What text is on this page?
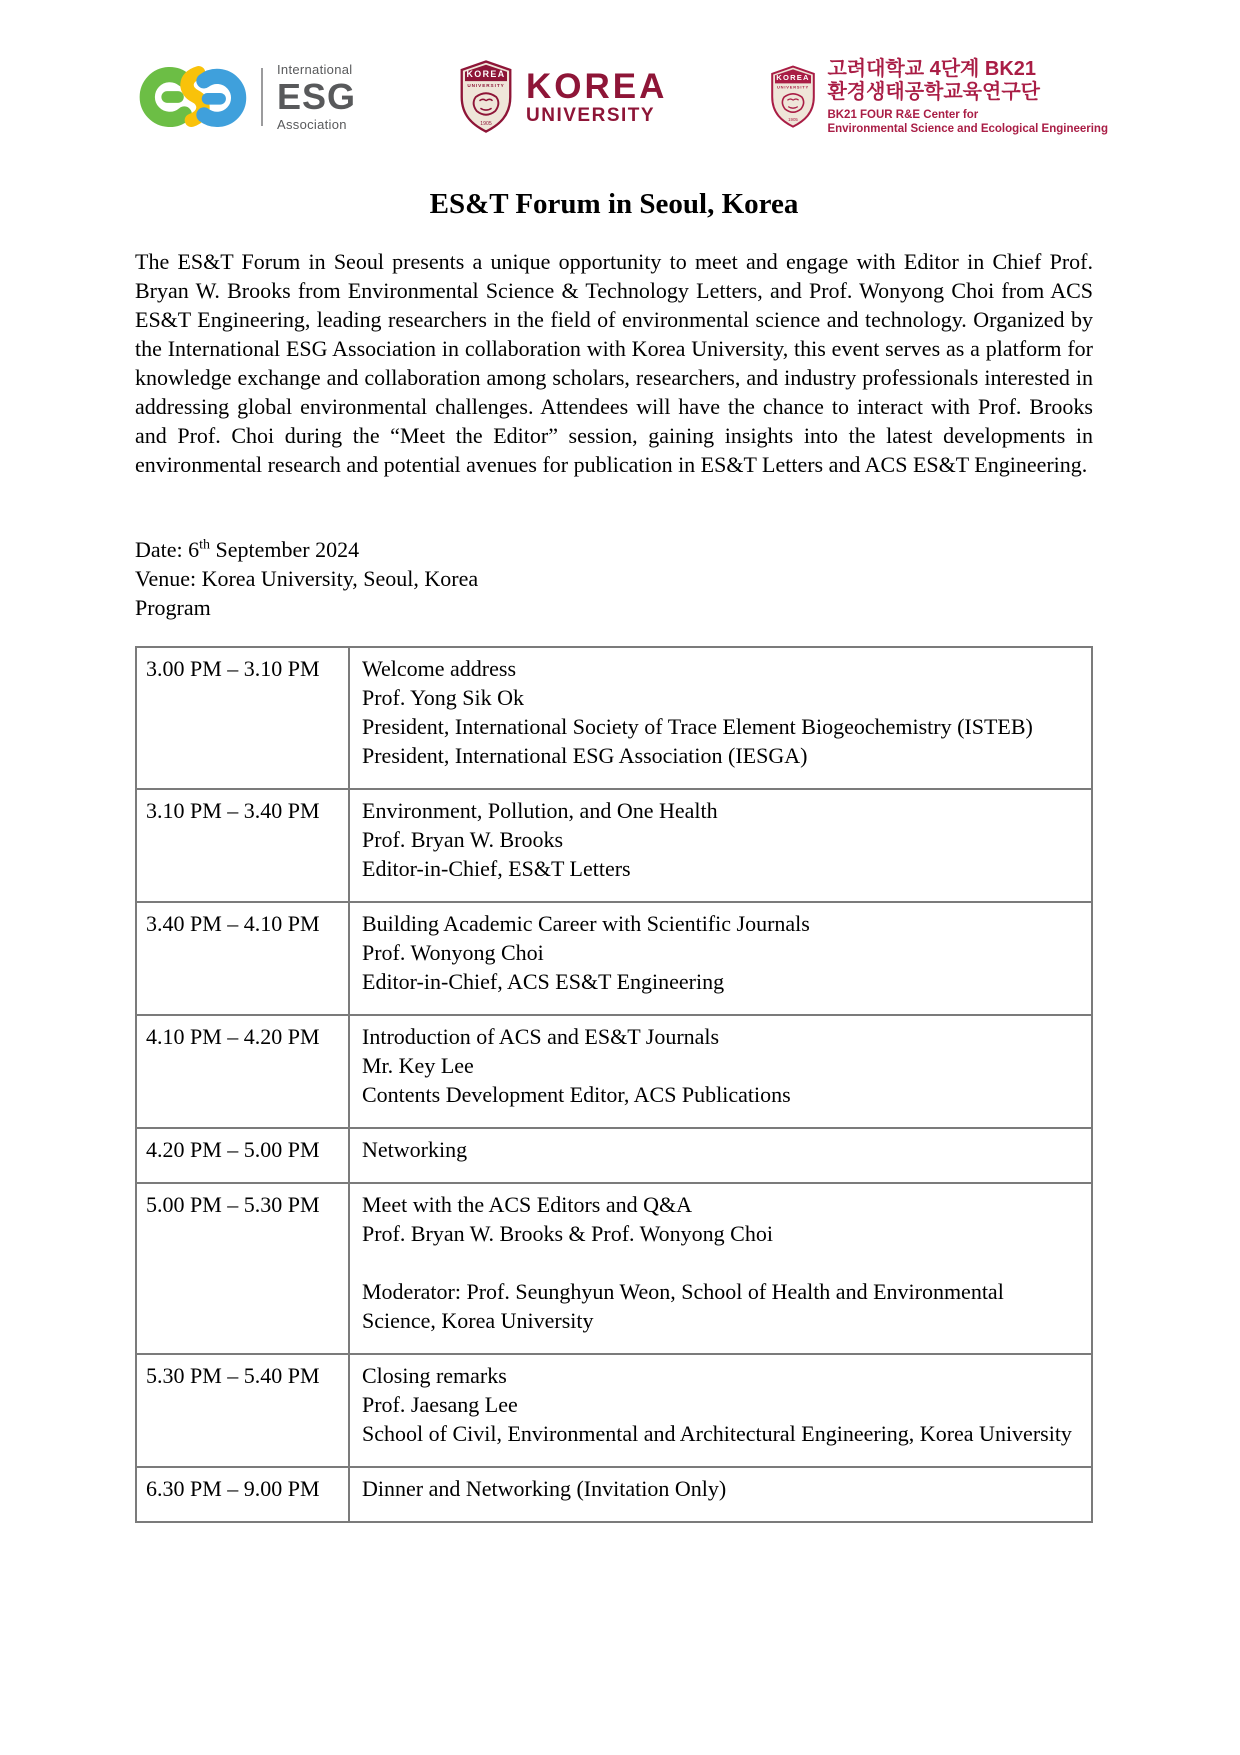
International
ESG
Association
KOREA
UNIVERSITY
1905
KOREA
UNIVERSITY
KOREA
UNIVERSITY
1905
고려대학교 4단계 BK21
환경생태공학교육연구단
BK21 FOUR R&E Center for
Environmental Science and Ecological Engineering
ES&T Forum in Seoul, Korea

The ES&T Forum in Seoul presents a unique opportunity to meet and engage with Editor in Chief Prof. Bryan W. Brooks from Environmental Science & Technology Letters, and Prof. Wonyong Choi from ACS ES&T Engineering, leading researchers in the field of environmental science and technology. Organized by the International ESG Association in collaboration with Korea University, this event serves as a platform for knowledge exchange and collaboration among scholars, researchers, and industry professionals interested in addressing global environmental challenges. Attendees will have the chance to interact with Prof. Brooks and Prof. Choi during the “Meet the Editor” session, gaining insights into the latest developments in environmental research and potential avenues for publication in ES&T Letters and ACS ES&T Engineering.

Date: 6th September 2024
Venue: Korea University, Seoul, Korea
Program
3.00 PM – 3.10 PM	Welcome address
Prof. Yong Sik Ok
President, International Society of Trace Element Biogeochemistry (ISTEB)
President, International ESG Association (IESGA)

3.10 PM – 3.40 PM	Environment, Pollution, and One Health
Prof. Bryan W. Brooks
Editor-in-Chief, ES&T Letters

3.40 PM – 4.10 PM	Building Academic Career with Scientific Journals
Prof. Wonyong Choi
Editor-in-Chief, ACS ES&T Engineering

4.10 PM – 4.20 PM	Introduction of ACS and ES&T Journals
Mr. Key Lee
Contents Development Editor, ACS Publications

4.20 PM – 5.00 PM	Networking

5.00 PM – 5.30 PM	Meet with the ACS Editors and Q&A
Prof. Bryan W. Brooks & Prof. Wonyong Choi
Moderator: Prof. Seunghyun Weon, School of Health and Environmental Science, Korea University

5.30 PM – 5.40 PM	Closing remarks
Prof. Jaesang Lee
School of Civil, Environmental and Architectural Engineering, Korea University

6.30 PM – 9.00 PM	Dinner and Networking (Invitation Only)
